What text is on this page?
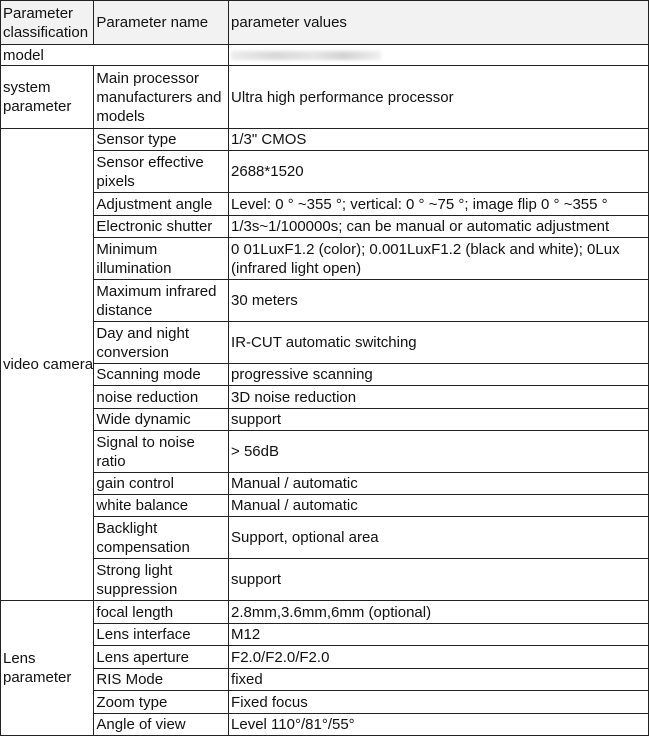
Parameter classification	Parameter name	parameter values
model		
system parameter	Main processor manufacturers and models	Ultra high performance processor
video camera	Sensor type	1/3" CMOS
	Sensor effective pixels	2688*1520
	Adjustment angle	Level: 0 ° ~355 °; vertical: 0 ° ~75 °; image flip 0 ° ~355 °
	Electronic shutter	1/3s~1/100000s; can be manual or automatic adjustment
	Minimum illumination	0 01LuxF1.2 (color); 0.001LuxF1.2 (black and white); 0Lux (infrared light open)
	Maximum infrared distance	30 meters
	Day and night conversion	IR-CUT automatic switching
	Scanning mode	progressive scanning
	noise reduction	3D noise reduction
	Wide dynamic	support
	Signal to noise ratio	> 56dB
	gain control	Manual / automatic
	white balance	Manual / automatic
	Backlight compensation	Support, optional area
	Strong light suppression	support
Lens parameter	focal length	2.8mm,3.6mm,6mm (optional)
	Lens interface	M12
	Lens aperture	F2.0/F2.0/F2.0
	RIS Mode	fixed
	Zoom type	Fixed focus
	Angle of view	Level 110°/81°/55°
